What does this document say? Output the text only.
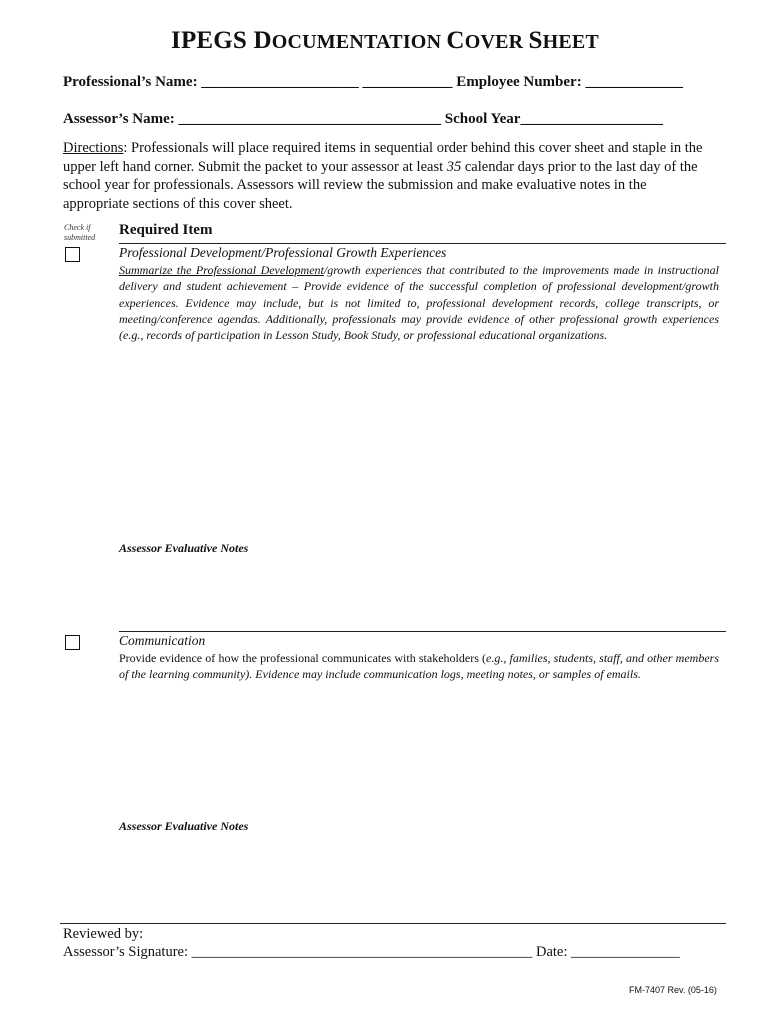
IPEGS DOCUMENTATION COVER SHEET
Professional’s Name: _____________________ ____________ Employee Number: _____________
Assessor’s Name: ___________________________________ School Year___________________
Directions: Professionals will place required items in sequential order behind this cover sheet and staple in the upper left hand corner. Submit the packet to your assessor at least 35 calendar days prior to the last day of the school year for professionals. Assessors will review the submission and make evaluative notes in the appropriate sections of this cover sheet.
Check if
submitted Required Item
Professional Development/Professional Growth Experiences
Summarize the Professional Development/growth experiences that contributed to the improvements made in instructional delivery and student achievement – Provide evidence of the successful completion of professional development/growth experiences. Evidence may include, but is not limited to, professional development records, college transcripts, or meeting/conference agendas. Additionally, professionals may provide evidence of other professional growth experiences (e.g., records of participation in Lesson Study, Book Study, or professional educational organizations.
Assessor Evaluative Notes
Communication
Provide evidence of how the professional communicates with stakeholders (e.g., families, students, staff, and other members of the learning community). Evidence may include communication logs, meeting notes, or samples of emails.
Assessor Evaluative Notes
Reviewed by:
Assessor’s Signature: _______________________________________________ Date: _______________
FM-7407 Rev. (05-16)
